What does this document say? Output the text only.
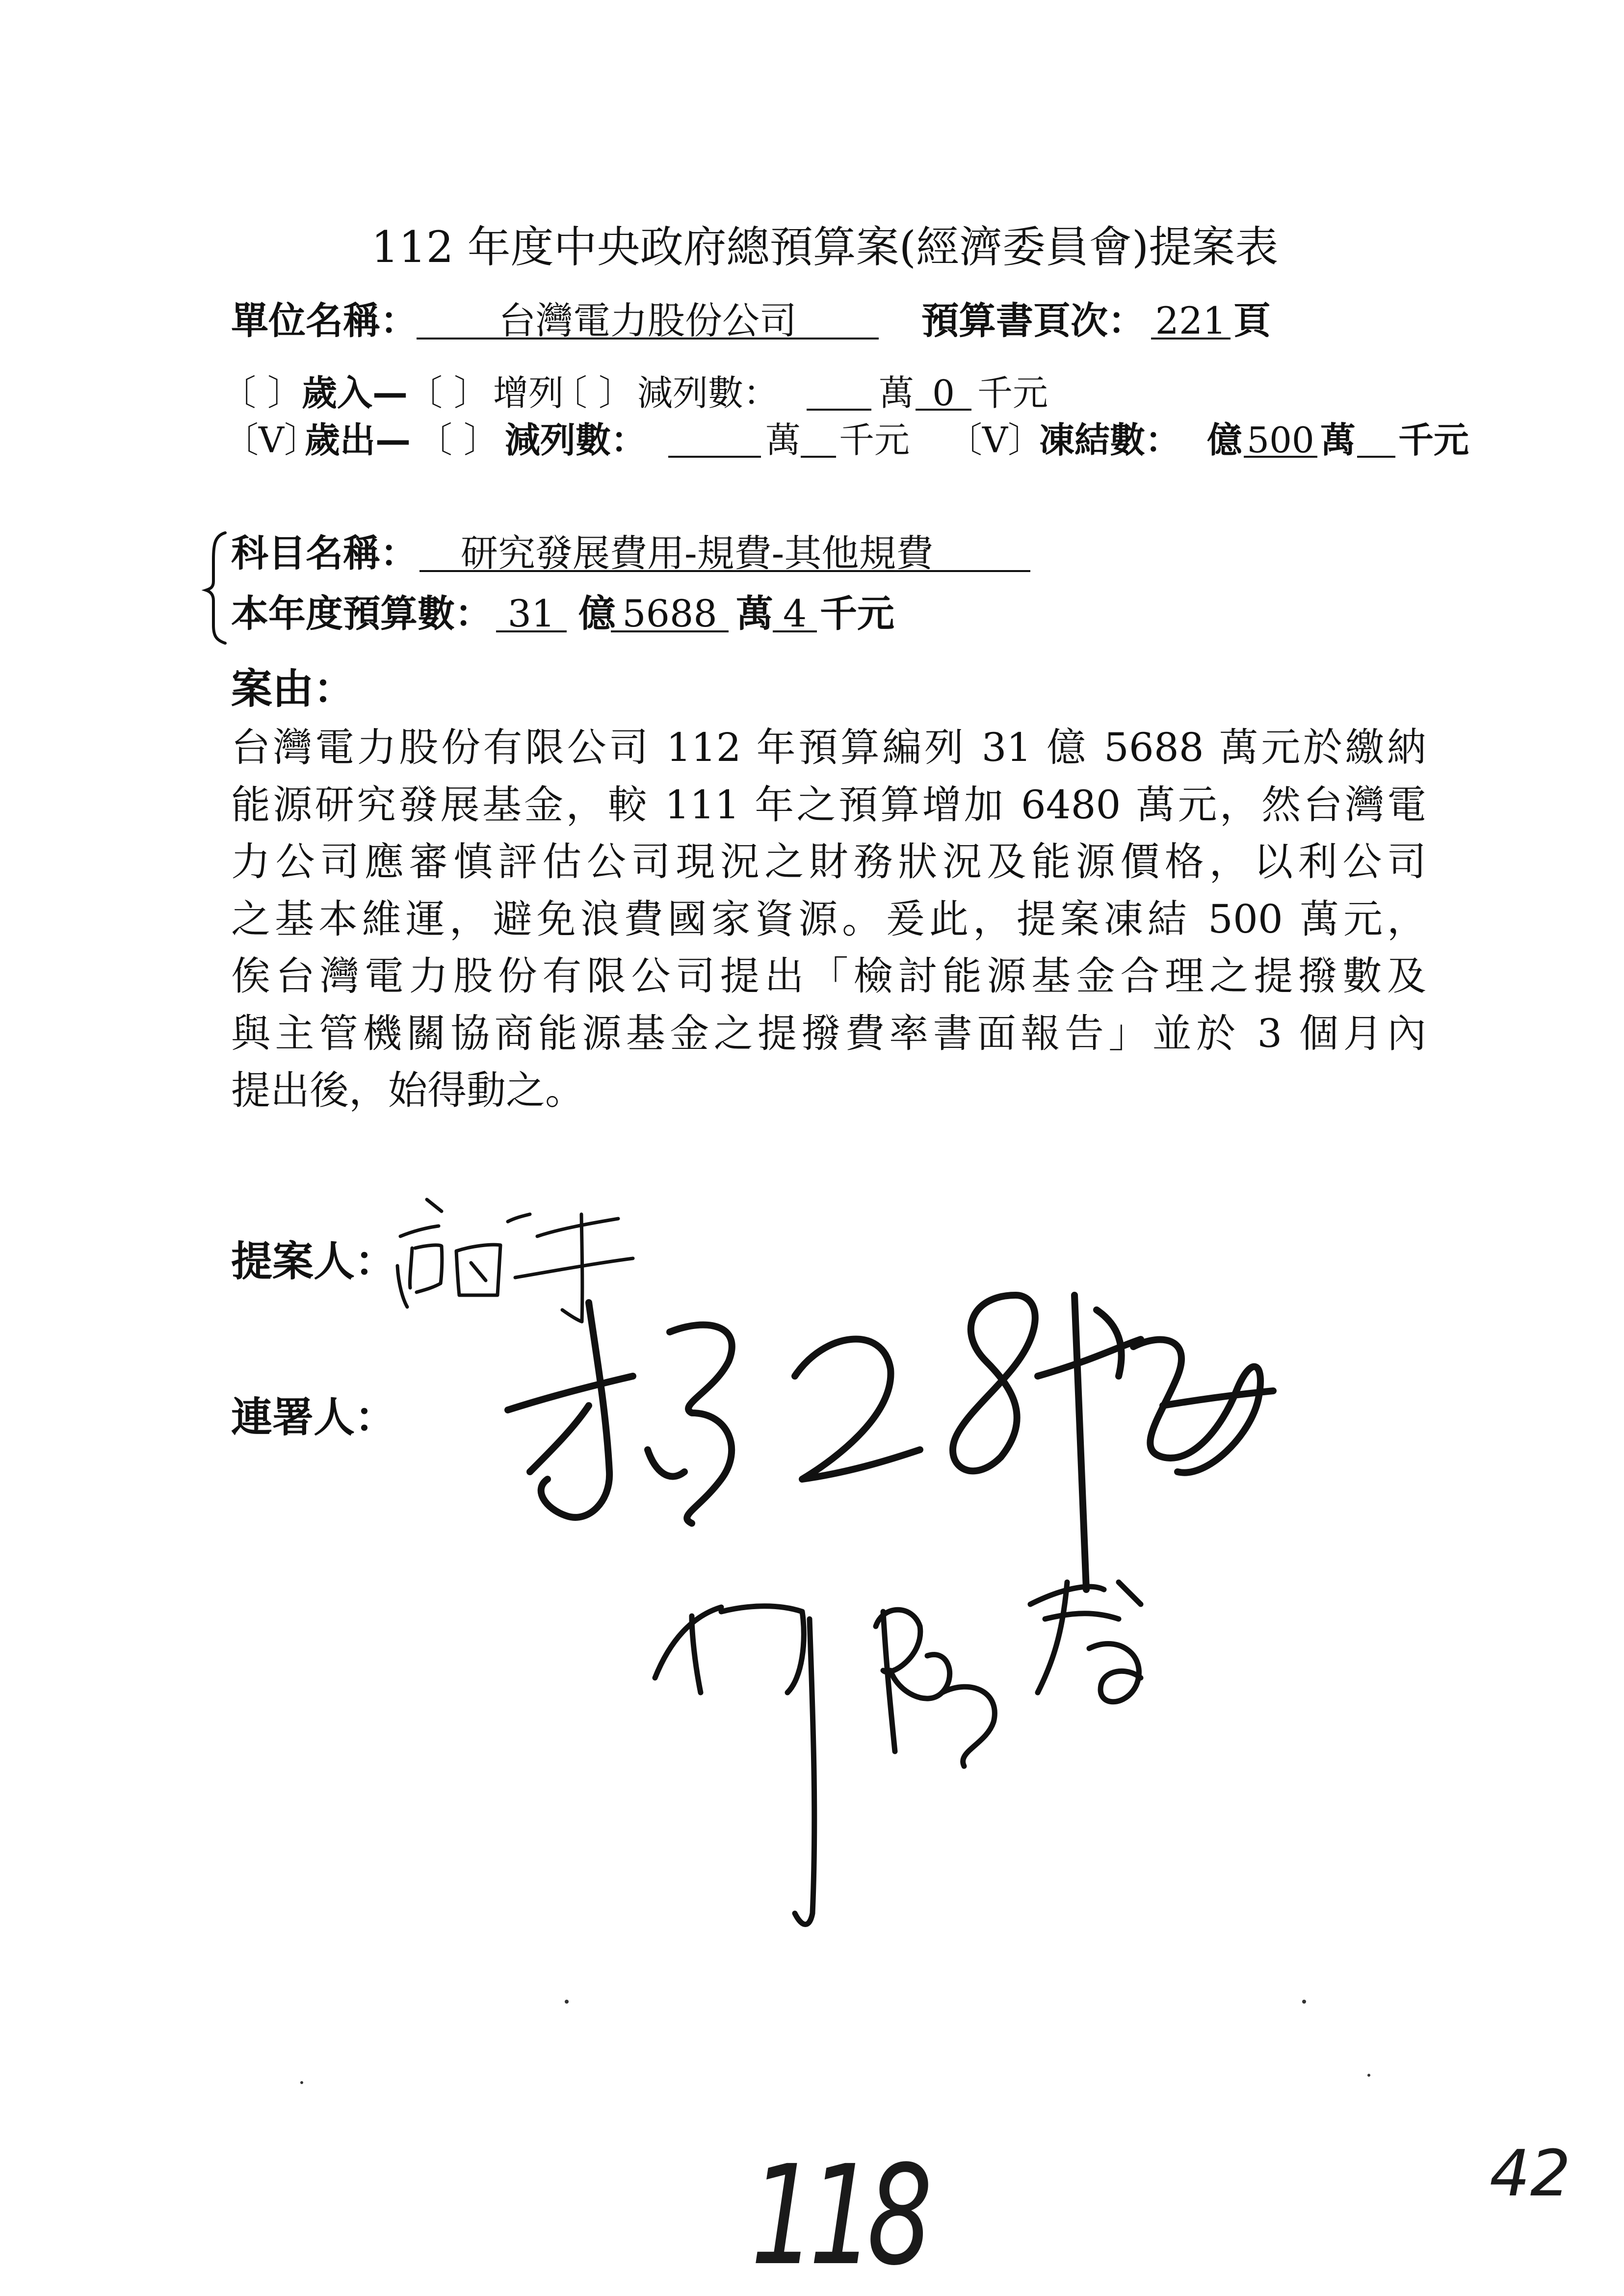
112 年度中央政府總預算案(經濟委員會)提案表
單位名稱：	台灣電力股份公司	預算書頁次： 221 頁
〔 〕
歲入—
〔 〕 增列
〔 〕 減列數：	萬 0 千元
〔V〕
歲出— 〔 〕 減列數：	萬 千元 〔V〕
凍結數： 億 500 萬 千元
科目名稱：	研究發展費用-規費-其他規費
本年度預算數： 31 億 5688 萬 4 千元
案由：
台灣電力股份有限公司 112 年預算編列 31 億 5688 萬元於繳納
能源研究發展基金，較 111 年之預算增加 6480 萬元，然台灣電
力公司應審慎評估公司現況之財務狀況及能源價格，以利公司
之基本維運，避免浪費國家資源。爰此，提案凍結 500 萬元，
俟台灣電力股份有限公司提出「檢討能源基金合理之提撥數及
與主管機關協商能源基金之提撥費率書面報告」並於 3 個月內
提出後，始得動之。
提案人：
連署人：
118	42
